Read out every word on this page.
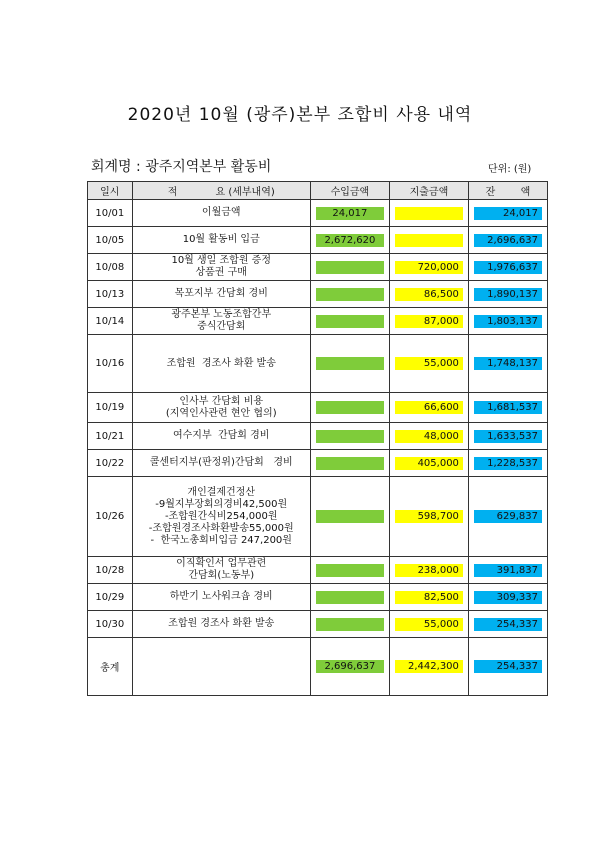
2020년 10월 (광주)본부 조합비 사용 내역
회계명 : 광주지역본부 활동비	단위: (원)
일시	적            요 (세부내역)	수입금액	지출금액	잔        액
10/01	이월금액	24,017		24,017

10/05	10월 활동비 입금	2,672,620		2,696,637

10/08	10월 생일 조합원 증정
상품권 구매		720,000	1,976,637

10/13	목포지부 간담회 경비		86,500	1,890,137

10/14	광주본부 노동조합간부
중식간담회		87,000	1,803,137

10/16	조합원  경조사 화환 발송		55,000	1,748,137

10/19	인사부 간담회 비용
(지역인사관련 현안 협의)		66,600	1,681,537

10/21	여수지부  간담회 경비		48,000	1,633,537

10/22	콜센터지부(판정위)간담회   경비		405,000	1,228,537

10/26	개인결제건정산
-9월지부장회의경비42,500원
-조합원간식비254,000원
-조합원경조사화환발송55,000원
-  한국노총회비입금 247,200원		598,700	629,837

10/28	이직확인서 업무관련
간담회(노동부)		238,000	391,837

10/29	하반기 노사워크숍 경비		82,500	309,337

10/30	조합원 경조사 화환 발송		55,000	254,337

총계		2,696,637	2,442,300	254,337
